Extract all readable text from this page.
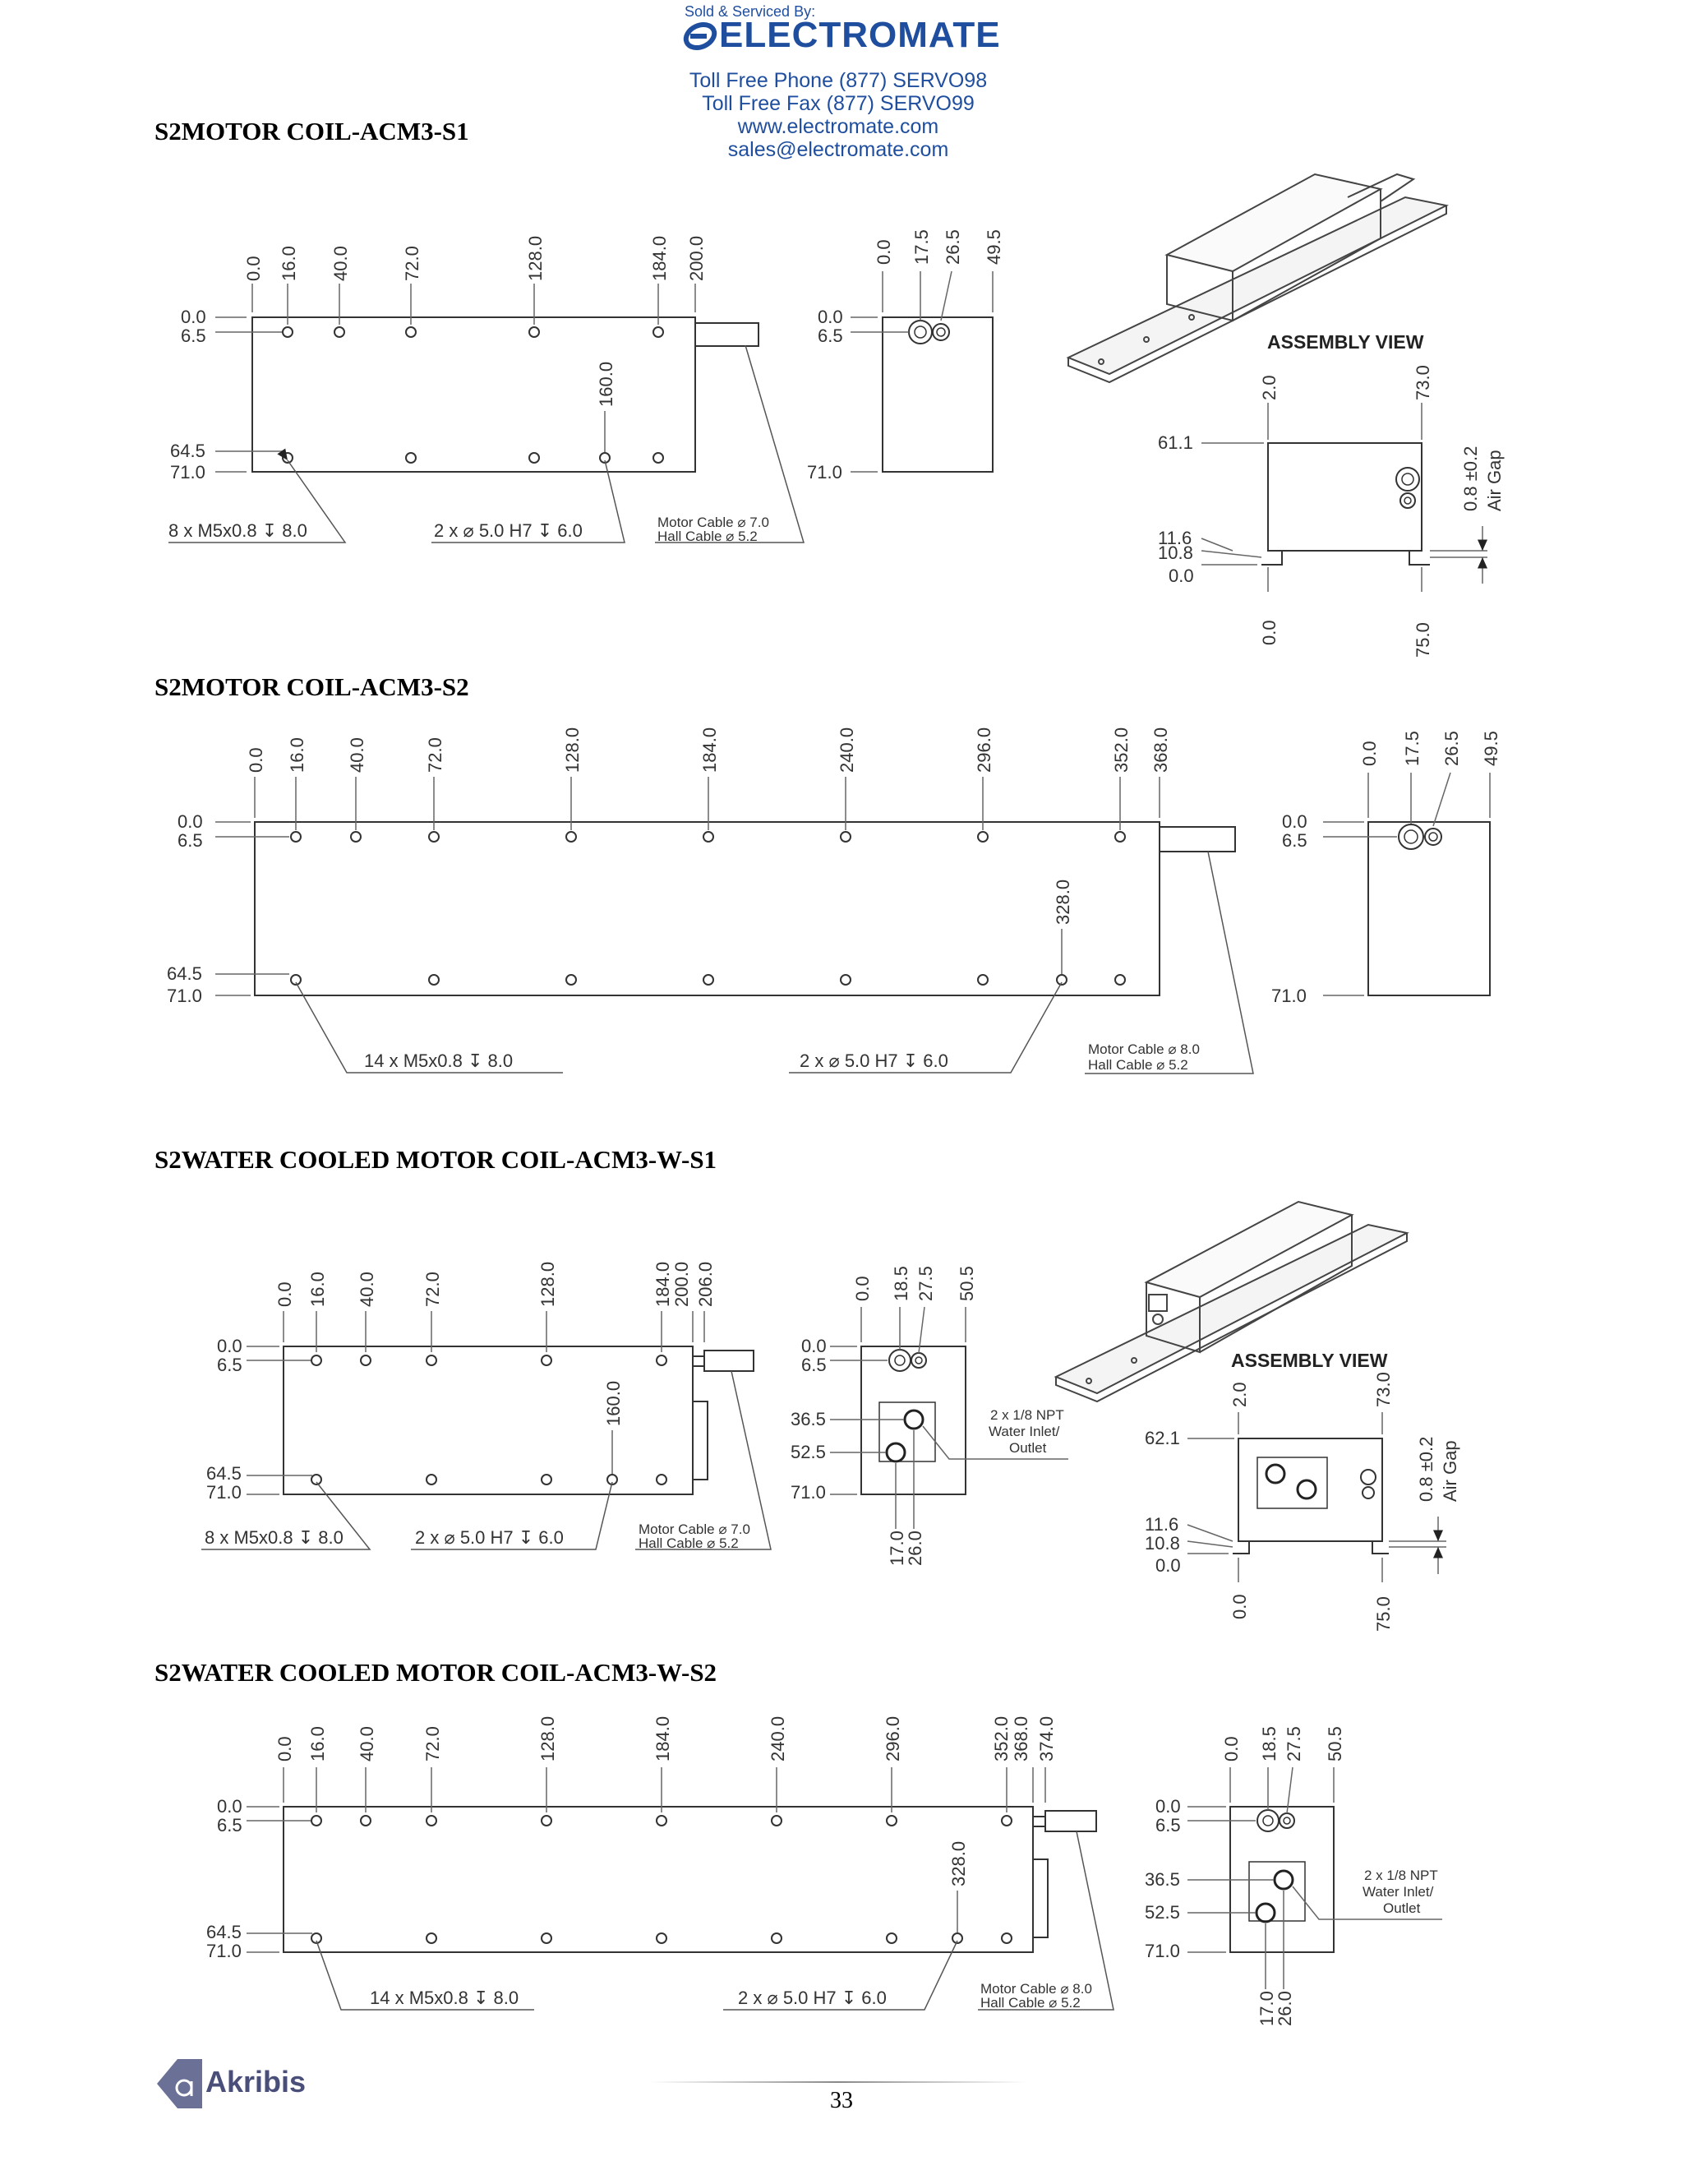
Sold & Serviced By:
ELECTROMATE
Toll Free Phone (877) SERVO98
Toll Free Fax (877) SERVO99
www.electromate.com
sales@electromate.com
S2MOTOR COIL-ACM3-S1
S2MOTOR COIL-ACM3-S2
S2WATER COOLED MOTOR COIL-ACM3-W-S1
S2WATER COOLED MOTOR COIL-ACM3-W-S2
0.0 16.0 40.0	72.0	128.0	184.0 200.0
0.0
6.5
64.5
71.0
160.0
8 x M5x0.8 ↧ 8.0	2 x ⌀ 5.0 H7 ↧ 6.0	Motor Cable ⌀ 7.0
Hall Cable ⌀ 5.2
0.0 17.5 26.5 49.5
0.0
6.5
71.0
ASSEMBLY VIEW
2.0	73.0
61.1
11.6
10.8
0.0
0.0	75.0
0.8 ±0.2 Air Gap
0.0 16.0 40.0	72.0	128.0	184.0	240.0	296.0	352.0 368.0
0.0
6.5
64.5
71.0
328.0
14 x M5x0.8 ↧ 8.0	2 x ⌀ 5.0 H7 ↧ 6.0
Motor Cable ⌀ 8.0
Hall Cable ⌀ 5.2
0.0 17.5 26.5 49.5
0.0
6.5
71.0
0.0 16.0 40.0	72.0	128.0	184.0
200.0 206.0
0.0
6.5
64.5
71.0
160.0
8 x M5x0.8 ↧ 8.0	2 x ⌀ 5.0 H7 ↧ 6.0	Motor Cable ⌀ 7.0
Hall Cable ⌀ 5.2
0.0 18.5 27.5 50.5
0.0
6.5
36.5
52.5
71.0
17.0
26.0
2 x 1/8 NPT
Water Inlet/
Outlet
ASSEMBLY VIEW
2.0	73.0
62.1
11.6
10.8
0.0
0.0	75.0
0.8 ±0.2 Air Gap
0.0 16.0 40.0	72.0	128.0	184.0	240.0	296.0	352.0 368.0 374.0
0.0
6.5
64.5
71.0
328.0
14 x M5x0.8 ↧ 8.0	2 x ⌀ 5.0 H7 ↧ 6.0	Motor Cable ⌀ 8.0
Hall Cable ⌀ 5.2
0.0 18.5 27.5 50.5
0.0
6.5
36.5
52.5
71.0
17.0
26.0
2 x 1/8 NPT
Water Inlet/
Outlet
Akribis
33
